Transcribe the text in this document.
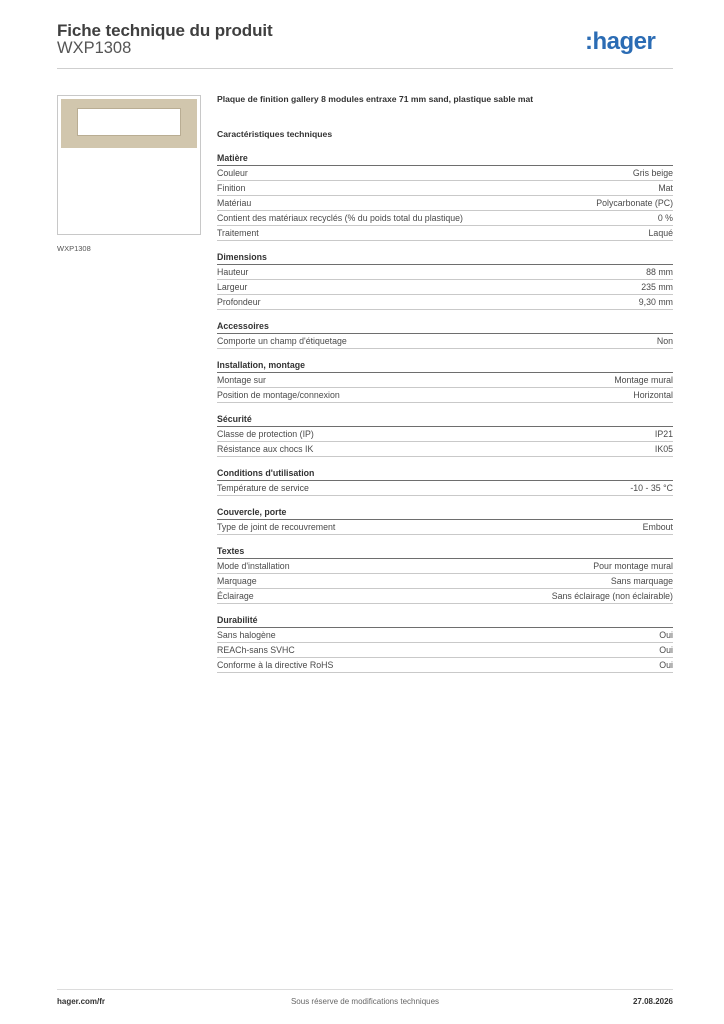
Fiche technique du produit
WXP1308	:hager
WXP1308
Plaque de finition gallery 8 modules entraxe 71 mm sand, plastique sable mat
Caractéristiques techniques
Matière
Couleur	Gris beige
Finition	Mat
Matériau	Polycarbonate (PC)
Contient des matériaux recyclés (% du poids total du plastique)	0 %
Traitement	Laqué
Dimensions
Hauteur	88 mm
Largeur	235 mm
Profondeur	9,30 mm
Accessoires
Comporte un champ d'étiquetage	Non
Installation, montage
Montage sur	Montage mural
Position de montage/connexion	Horizontal
Sécurité
Classe de protection (IP)	IP21
Résistance aux chocs IK	IK05
Conditions d'utilisation
Température de service	-10 - 35 °C
Couvercle, porte
Type de joint de recouvrement	Embout
Textes
Mode d'installation	Pour montage mural
Marquage	Sans marquage
Éclairage	Sans éclairage (non éclairable)
Durabilité
Sans halogène	Oui
REACh-sans SVHC	Oui
Conforme à la directive RoHS	Oui
Sous réserve de modifications techniques
hager.com/fr	27.08.2026
